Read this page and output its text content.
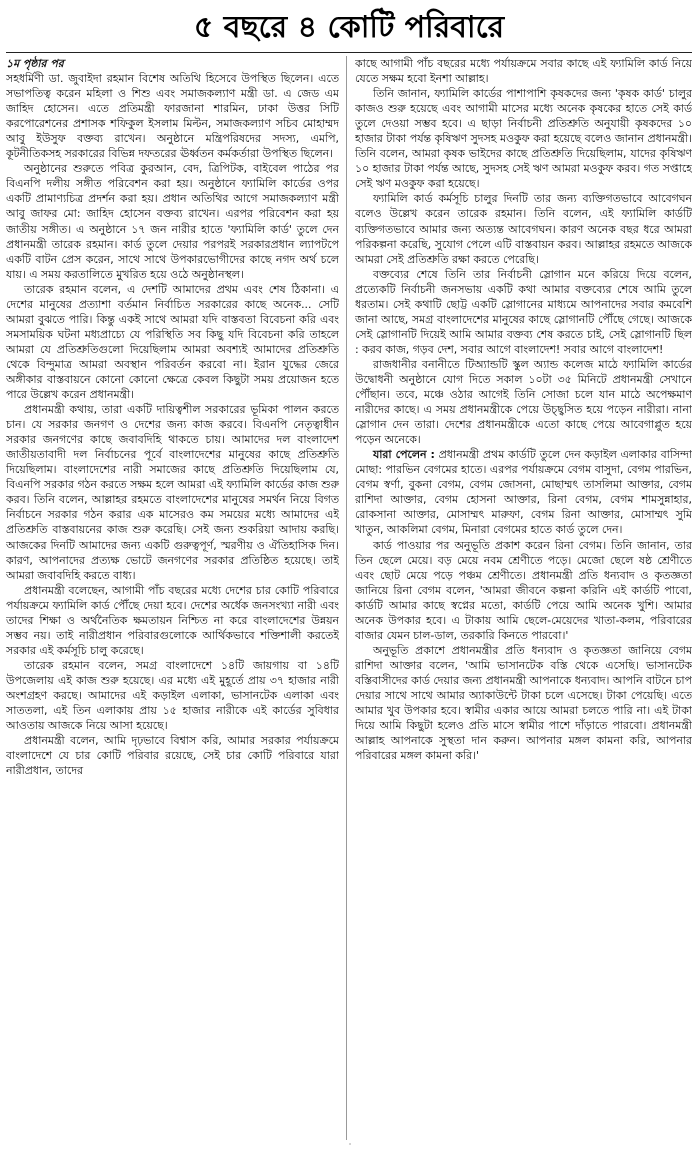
৫ বছরে ৪ কোটি পরিবারে
১ম পৃষ্ঠার পর

সহধর্মিণী ডা. জুবাইদা রহমান বিশেষ অতিথি হিসেবে উপস্থিত ছিলেন। এতে সভাপতিত্ব করেন মহিলা ও শিশু এবং সমাজকল্যাণ মন্ত্রী ডা. এ জেড এম জাহিদ হোসেন। এতে প্রতিমন্ত্রী ফারজানা শারমিন, ঢাকা উত্তর সিটি করপোরেশনের প্রশাসক শফিকুল ইসলাম মিল্টন, সমাজকল্যাণ সচিব মোহাম্মদ আবু ইউসুফ বক্তব্য রাখেন। অনুষ্ঠানে মন্ত্রিপরিষদের সদস্য, এমপি, কূটনীতিকসহ সরকারের বিভিন্ন দফতরের ঊর্ধ্বতন কর্মকর্তারা উপস্থিত ছিলেন।

অনুষ্ঠানের শুরুতে পবিত্র কুরআন, বেদ, ত্রিপিটক, বাইবেল পাঠের পর বিএনপি দলীয় সঙ্গীত পরিবেশন করা হয়। অনুষ্ঠানে ফ্যামিলি কার্ডের ওপর একটি প্রামাণ্যচিত্র প্রদর্শন করা হয়। প্রধান অতিথির আগে সমাজকল্যাণ মন্ত্রী আবু জাফর মো: জাহিদ হোসেন বক্তব্য রাখেন। এরপর পরিবেশন করা হয় জাতীয় সঙ্গীত। এ অনুষ্ঠানে ১৭ জন নারীর হাতে 'ফ্যামিলি কার্ড' তুলে দেন প্রধানমন্ত্রী তারেক রহমান। কার্ড তুলে দেয়ার পরপরই সরকারপ্রধান ল্যাপটপে একটি বাটন প্রেস করেন, সাথে সাথে উপকারভোগীদের কাছে নগদ অর্থ চলে যায়। এ সময় করতালিতে মুখরিত হয়ে ওঠে অনুষ্ঠানস্থল।

তারেক রহমান বলেন, এ দেশটি আমাদের প্রথম এবং শেষ ঠিকানা। এ দেশের মানুষের প্রত্যাশা বর্তমান নির্বাচিত সরকারের কাছে অনেক... সেটি আমরা বুঝতে পারি। কিন্তু একই সাথে আমরা যদি বাস্তবতা বিবেচনা করি এবং সমসাময়িক ঘটনা মধ্যপ্রাচ্যে যে পরিস্থিতি সব কিছু যদি বিবেচনা করি তাহলে আমরা যে প্রতিশ্রুতিগুলো দিয়েছিলাম আমরা অবশ্যই আমাদের প্রতিশ্রুতি থেকে বিন্দুমাত্র আমরা অবস্থান পরিবর্তন করবো না। ইরান যুদ্ধের জেরে অঙ্গীকার বাস্তবায়নে কোনো কোনো ক্ষেত্রে কেবল কিছুটা সময় প্রয়োজন হতে পারে উল্লেখ করেন প্রধানমন্ত্রী।

প্রধানমন্ত্রী কথায়, তারা একটি দায়িত্বশীল সরকারের ভূমিকা পালন করতে চান। যে সরকার জনগণ ও দেশের জন্য কাজ করবে। বিএনপি নেতৃত্বাধীন সরকার জনগণের কাছে জবাবদিহি থাকতে চায়। আমাদের দল বাংলাদেশ জাতীয়তাবাদী দল নির্বাচনের পূর্বে বাংলাদেশের মানুষের কাছে প্রতিশ্রুতি দিয়েছিলাম। বাংলাদেশের নারী সমাজের কাছে প্রতিশ্রুতি দিয়েছিলাম যে, বিএনপি সরকার গঠন করতে সক্ষম হলে আমরা এই ফ্যামিলি কার্ডের কাজ শুরু করব। তিনি বলেন, আল্লাহর রহমতে বাংলাদেশের মানুষের সমর্থন নিয়ে বিগত নির্বাচনে সরকার গঠন করার এক মাসেরও কম সময়ের মধ্যে আমাদের এই প্রতিশ্রুতি বাস্তবায়নের কাজ শুরু করেছি। সেই জন্য শুকরিয়া আদায় করছি। আজকের দিনটি আমাদের জন্য একটি গুরুত্বপূর্ণ, স্মরণীয় ও ঐতিহাসিক দিন। কারণ, আপনাদের প্রত্যক্ষ ভোটে জনগণের সরকার প্রতিষ্ঠিত হয়েছে। তাই আমরা জবাবদিহি করতে বাধ্য।

প্রধানমন্ত্রী বলেছেন, আগামী পাঁচ বছরের মধ্যে দেশের চার কোটি পরিবারে পর্যায়ক্রমে ফ্যামিলি কার্ড পৌঁছে দেয়া হবে। দেশের অর্ধেক জনসংখ্যা নারী এবং তাদের শিক্ষা ও অর্থনৈতিক ক্ষমতায়ন নিশ্চিত না করে বাংলাদেশের উন্নয়ন সম্ভব নয়। তাই নারীপ্রধান পরিবারগুলোকে আর্থিকভাবে শক্তিশালী করতেই সরকার এই কর্মসূচি চালু করেছে।

তারেক রহমান বলেন, সমগ্র বাংলাদেশে ১৪টি জায়গায় বা ১৪টি উপজেলায় এই কাজ শুরু হয়েছে। এর মধ্যে এই মুহূর্তে প্রায় ৩৭ হাজার নারী অংশগ্রহণ করছে। আমাদের এই কড়াইল এলাকা, ভাসানটেক এলাকা এবং সাততলা, এই তিন এলাকায় প্রায় ১৫ হাজার নারীকে এই কার্ডের সুবিধার আওতায় আজকে নিয়ে আসা হয়েছে।

প্রধানমন্ত্রী বলেন, আমি দৃঢ়ভাবে বিশ্বাস করি, আমার সরকার পর্যায়ক্রমে বাংলাদেশে যে চার কোটি পরিবার রয়েছে, সেই চার কোটি পরিবারে যারা নারীপ্রধান, তাদের

কাছে আগামী পাঁচ বছরের মধ্যে পর্যায়ক্রমে সবার কাছে এই ফ্যামিলি কার্ড নিয়ে যেতে সক্ষম হবো ইনশা আল্লাহ।

তিনি জানান, ফ্যামিলি কার্ডের পাশাপাশি কৃষকদের জন্য 'কৃষক কার্ড' চালুর কাজও শুরু হয়েছে এবং আগামী মাসের মধ্যে অনেক কৃষকের হাতে সেই কার্ড তুলে দেওয়া সম্ভব হবে। এ ছাড়া নির্বাচনী প্রতিশ্রুতি অনুযায়ী কৃষকদের ১০ হাজার টাকা পর্যন্ত কৃষিঋণ সুদসহ মওকুফ করা হয়েছে বলেও জানান প্রধানমন্ত্রী। তিনি বলেন, আমরা কৃষক ভাইদের কাছে প্রতিশ্রুতি দিয়েছিলাম, যাদের কৃষিঋণ ১০ হাজার টাকা পর্যন্ত আছে, সুদসহ সেই ঋণ আমরা মওকুফ করব। গত সপ্তাহে সেই ঋণ মওকুফ করা হয়েছে।

ফ্যামিলি কার্ড কর্মসূচি চালুর দিনটি তার জন্য ব্যক্তিগতভাবে আবেগঘন বলেও উল্লেখ করেন তারেক রহমান। তিনি বলেন, এই ফ্যামিলি কার্ডটি ব্যক্তিগতভাবে আমার জন্য অত্যন্ত আবেগঘন। কারণ অনেক বছর ধরে আমরা পরিকল্পনা করেছি, সুযোগ পেলে এটি বাস্তবায়ন করব। আল্লাহর রহমতে আজকে আমরা সেই প্রতিশ্রুতি রক্ষা করতে পেরেছি।

বক্তব্যের শেষে তিনি তার নির্বাচনী স্লোগান মনে করিয়ে দিয়ে বলেন, প্রত্যেকটি নির্বাচনী জনসভায় একটি কথা আমার বক্তব্যের শেষে আমি তুলে ধরতাম। সেই কথাটি ছোট্ট একটি স্লোগানের মাধ্যমে আপনাদের সবার কমবেশি জানা আছে, সমগ্র বাংলাদেশের মানুষের কাছে স্লোগানটি পৌঁছে গেছে। আজকে সেই স্লোগানটি দিয়েই আমি আমার বক্তব্য শেষ করতে চাই, সেই স্লোগানটি ছিল : করব কাজ, গড়ব দেশ, সবার আগে বাংলাদেশ! সবার আগে বাংলাদেশ!

রাজধানীর বনানীতে টিঅ্যান্ডটি স্কুল অ্যান্ড কলেজ মাঠে ফ্যামিলি কার্ডের উদ্বোধনী অনুষ্ঠানে যোগ দিতে সকাল ১০টা ৩৫ মিনিটে প্রধানমন্ত্রী সেখানে পৌঁছান। তবে, মঞ্চে ওঠার আগেই তিনি সোজা চলে যান মাঠে অপেক্ষমাণ নারীদের কাছে। এ সময় প্রধানমন্ত্রীকে পেয়ে উচ্ছ্বসিত হয়ে পড়েন নারীরা। নানা স্লোগান দেন তারা। দেশের প্রধানমন্ত্রীকে এতো কাছে পেয়ে আবেগাপ্লুত হয়ে পড়েন অনেকে।

যারা পেলেন : প্রধানমন্ত্রী প্রথম কার্ডটি তুলে দেন কড়াইল এলাকার বাসিন্দা মোছা: পারভিন বেগমের হাতে। এরপর পর্যায়ক্রমে বেগম বাসুদা, বেগম পারভিন, বেগম স্বর্ণা, বুকনা বেগম, বেগম জোসনা, মোছাম্মৎ তাসলিমা আক্তার, বেগম রাশিদা আক্তার, বেগম হোসনা আক্তার, রিনা বেগম, বেগম শামসুন্নাহার, রোকসানা আক্তার, মোসাম্মৎ মারুফা, বেগম রিনা আক্তার, মোসাম্মৎ সুমি খাতুন, আকলিমা বেগম, মিনারা বেগমের হাতে কার্ড তুলে দেন।

কার্ড পাওয়ার পর অনুভূতি প্রকাশ করেন রিনা বেগম। তিনি জানান, তার তিন ছেলে মেয়ে। বড় মেয়ে নবম শ্রেণীতে পড়ে। মেজো ছেলে ষষ্ঠ শ্রেণীতে এবং ছোট মেয়ে পড়ে পঞ্চম শ্রেণীতে। প্রধানমন্ত্রী প্রতি ধন্যবাদ ও কৃতজ্ঞতা জানিয়ে রিনা বেগম বলেন, 'আমরা জীবনে কল্পনা করিনি এই কার্ডটি পাবো, কার্ডটি আমার কাছে স্বপ্নের মতো, কার্ডটি পেয়ে আমি অনেক খুশি। আমার অনেক উপকার হবে। এ টাকায় আমি ছেলে-মেয়েদের খাতা-কলম, পরিবারের বাজার যেমন চাল-ডাল, তরকারি কিনতে পারবো।'

অনুভূতি প্রকাশে প্রধানমন্ত্রীর প্রতি ধন্যবাদ ও কৃতজ্ঞতা জানিয়ে বেগম রাশিদা আক্তার বলেন, 'আমি ভাসানটেক বস্তি থেকে এসেছি। ভাসানটেক বস্তিবাসীদের কার্ড দেয়ার জন্য প্রধানমন্ত্রী আপনাকে ধন্যবাদ। আপনি বাটনে চাপ দেয়ার সাথে সাথে আমার অ্যাকাউন্টে টাকা চলে এসেছে। টাকা পেয়েছি। এতে আমার খুব উপকার হবে। স্বামীর একার আয়ে আমরা চলতে পারি না। এই টাকা দিয়ে আমি কিছুটা হলেও প্রতি মাসে স্বামীর পাশে দাঁড়াতে পারবো। প্রধানমন্ত্রী আল্লাহ আপনাকে সুস্থতা দান করুন। আপনার মঙ্গল কামনা করি, আপনার পরিবারের মঙ্গল কামনা করি।'

·
